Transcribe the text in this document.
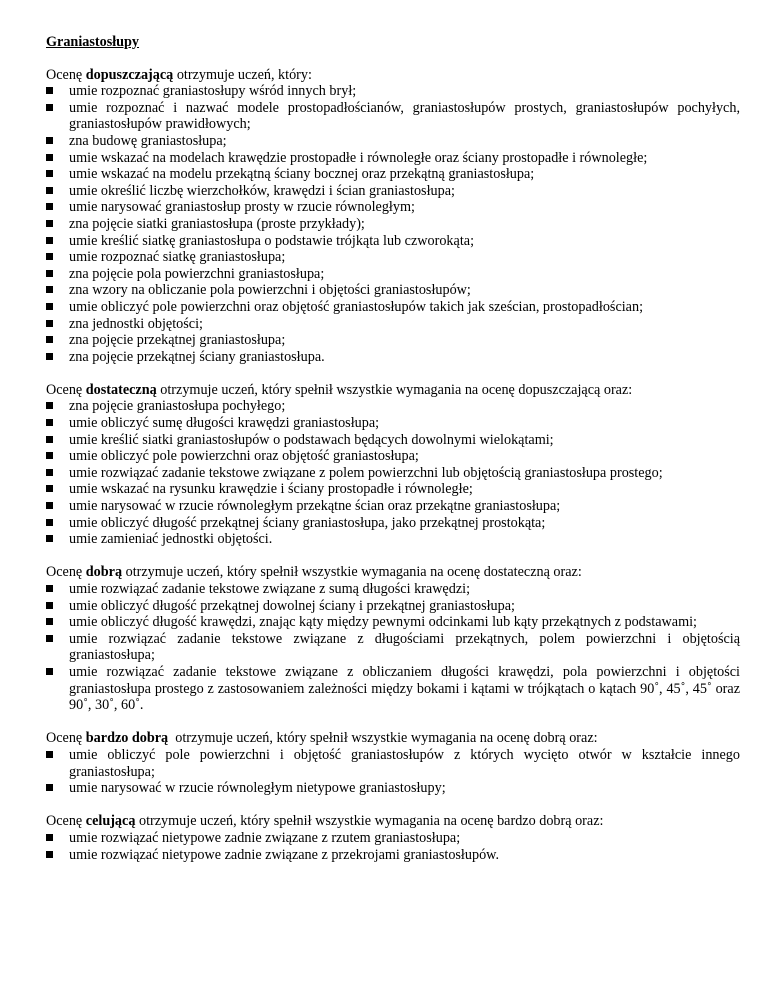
Graniastosłupy

Ocenę dopuszczającą otrzymuje uczeń, który:

umie rozpoznać graniastosłupy wśród innych brył;
umie rozpoznać i nazwać modele prostopadłościanów, graniastosłupów prostych, graniastosłupów pochyłych, graniastosłupów prawidłowych;
zna budowę graniastosłupa;
umie wskazać na modelach krawędzie prostopadłe i równoległe oraz ściany prostopadłe i równoległe;
umie wskazać na modelu przekątną ściany bocznej oraz przekątną graniastosłupa;
umie określić liczbę wierzchołków, krawędzi i ścian graniastosłupa;
umie narysować graniastosłup prosty w rzucie równoległym;
zna pojęcie siatki graniastosłupa (proste przykłady);
umie kreślić siatkę graniastosłupa o podstawie trójkąta lub czworokąta;
umie rozpoznać siatkę graniastosłupa;
zna pojęcie pola powierzchni graniastosłupa;
zna wzory na obliczanie pola powierzchni i objętości graniastosłupów;
umie obliczyć pole powierzchni oraz objętość graniastosłupów takich jak sześcian, prostopadłościan;
zna jednostki objętości;
zna pojęcie przekątnej graniastosłupa;
zna pojęcie przekątnej ściany graniastosłupa.

Ocenę dostateczną otrzymuje uczeń, który spełnił wszystkie wymagania na ocenę dopuszczającą oraz:

zna pojęcie graniastosłupa pochyłego;
umie obliczyć sumę długości krawędzi graniastosłupa;
umie kreślić siatki graniastosłupów o podstawach będących dowolnymi wielokątami;
umie obliczyć pole powierzchni oraz objętość graniastosłupa;
umie rozwiązać zadanie tekstowe związane z polem powierzchni lub objętością graniastosłupa prostego;
umie wskazać na rysunku krawędzie i ściany prostopadłe i równoległe;
umie narysować w rzucie równoległym przekątne ścian oraz przekątne graniastosłupa;
umie obliczyć długość przekątnej ściany graniastosłupa, jako przekątnej prostokąta;
umie zamieniać jednostki objętości.

Ocenę dobrą otrzymuje uczeń, który spełnił wszystkie wymagania na ocenę dostateczną oraz:

umie rozwiązać zadanie tekstowe związane z sumą długości krawędzi;
umie obliczyć długość przekątnej dowolnej ściany i przekątnej graniastosłupa;
umie obliczyć długość krawędzi, znając kąty między pewnymi odcinkami lub kąty przekątnych z podstawami;
umie rozwiązać zadanie tekstowe związane z długościami przekątnych, polem powierzchni i objętością graniastosłupa;
umie rozwiązać zadanie tekstowe związane z obliczaniem długości krawędzi, pola powierzchni i objętości graniastosłupa prostego z zastosowaniem zależności między bokami i kątami w trójkątach o kątach 90˚, 45˚, 45˚ oraz 90˚, 30˚, 60˚.

Ocenę bardzo dobrą  otrzymuje uczeń, który spełnił wszystkie wymagania na ocenę dobrą oraz:

umie obliczyć pole powierzchni i objętość graniastosłupów z których wycięto otwór w kształcie innego graniastosłupa;
umie narysować w rzucie równoległym nietypowe graniastosłupy;

Ocenę celującą otrzymuje uczeń, który spełnił wszystkie wymagania na ocenę bardzo dobrą oraz:

umie rozwiązać nietypowe zadnie związane z rzutem graniastosłupa;
umie rozwiązać nietypowe zadnie związane z przekrojami graniastosłupów.
